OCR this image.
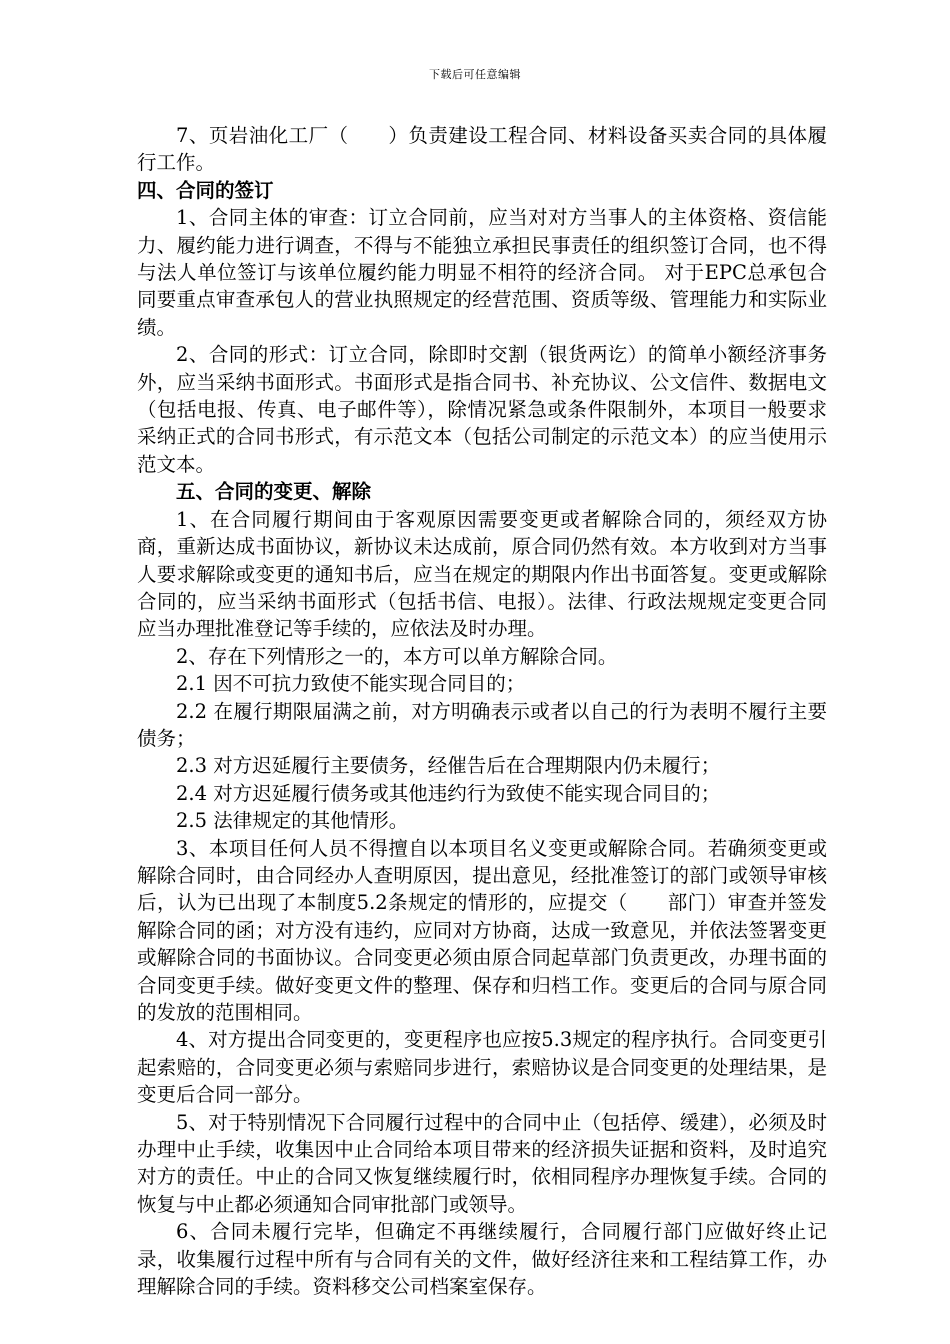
下载后可任意编辑

7、页岩油化工厂（　　）负责建设工程合同、材料设备买卖合同的具体履行工作。

四、合同的签订

1、合同主体的审查：订立合同前，应当对对方当事人的主体资格、资信能力、履约能力进行调查，不得与不能独立承担民事责任的组织签订合同，也不得与法人单位签订与该单位履约能力明显不相符的经济合同。 对于EPC总承包合同要重点审查承包人的营业执照规定的经营范围、资质等级、管理能力和实际业绩。

2、合同的形式：订立合同，除即时交割（银货两讫）的简单小额经济事务外，应当采纳书面形式。书面形式是指合同书、补充协议、公文信件、数据电文（包括电报、传真、电子邮件等），除情况紧急或条件限制外，本项目一般要求采纳正式的合同书形式，有示范文本（包括公司制定的示范文本）的应当使用示范文本。

五、合同的变更、解除

1、在合同履行期间由于客观原因需要变更或者解除合同的，须经双方协商，重新达成书面协议，新协议未达成前，原合同仍然有效。本方收到对方当事人要求解除或变更的通知书后，应当在规定的期限内作出书面答复。变更或解除合同的，应当采纳书面形式（包括书信、电报）。法律、行政法规规定变更合同应当办理批准登记等手续的，应依法及时办理。

2、存在下列情形之一的，本方可以单方解除合同。

2.1 因不可抗力致使不能实现合同目的；

2.2 在履行期限届满之前，对方明确表示或者以自己的行为表明不履行主要债务；

2.3 对方迟延履行主要债务，经催告后在合理期限内仍未履行；

2.4 对方迟延履行债务或其他违约行为致使不能实现合同目的；

2.5 法律规定的其他情形。

3、本项目任何人员不得擅自以本项目名义变更或解除合同。若确须变更或解除合同时，由合同经办人查明原因，提出意见，经批准签订的部门或领导审核后，认为已出现了本制度5.2条规定的情形的，应提交（　　部门）审查并签发解除合同的函；对方没有违约，应同对方协商，达成一致意见，并依法签署变更或解除合同的书面协议。合同变更必须由原合同起草部门负责更改，办理书面的合同变更手续。做好变更文件的整理、保存和归档工作。变更后的合同与原合同的发放的范围相同。

4、对方提出合同变更的，变更程序也应按5.3规定的程序执行。合同变更引起索赔的，合同变更必须与索赔同步进行，索赔协议是合同变更的处理结果，是变更后合同一部分。

5、对于特别情况下合同履行过程中的合同中止（包括停、缓建），必须及时办理中止手续，收集因中止合同给本项目带来的经济损失证据和资料，及时追究对方的责任。中止的合同又恢复继续履行时，依相同程序办理恢复手续。合同的恢复与中止都必须通知合同审批部门或领导。

6、合同未履行完毕，但确定不再继续履行，合同履行部门应做好终止记录，收集履行过程中所有与合同有关的文件，做好经济往来和工程结算工作，办理解除合同的手续。资料移交公司档案室保存。
